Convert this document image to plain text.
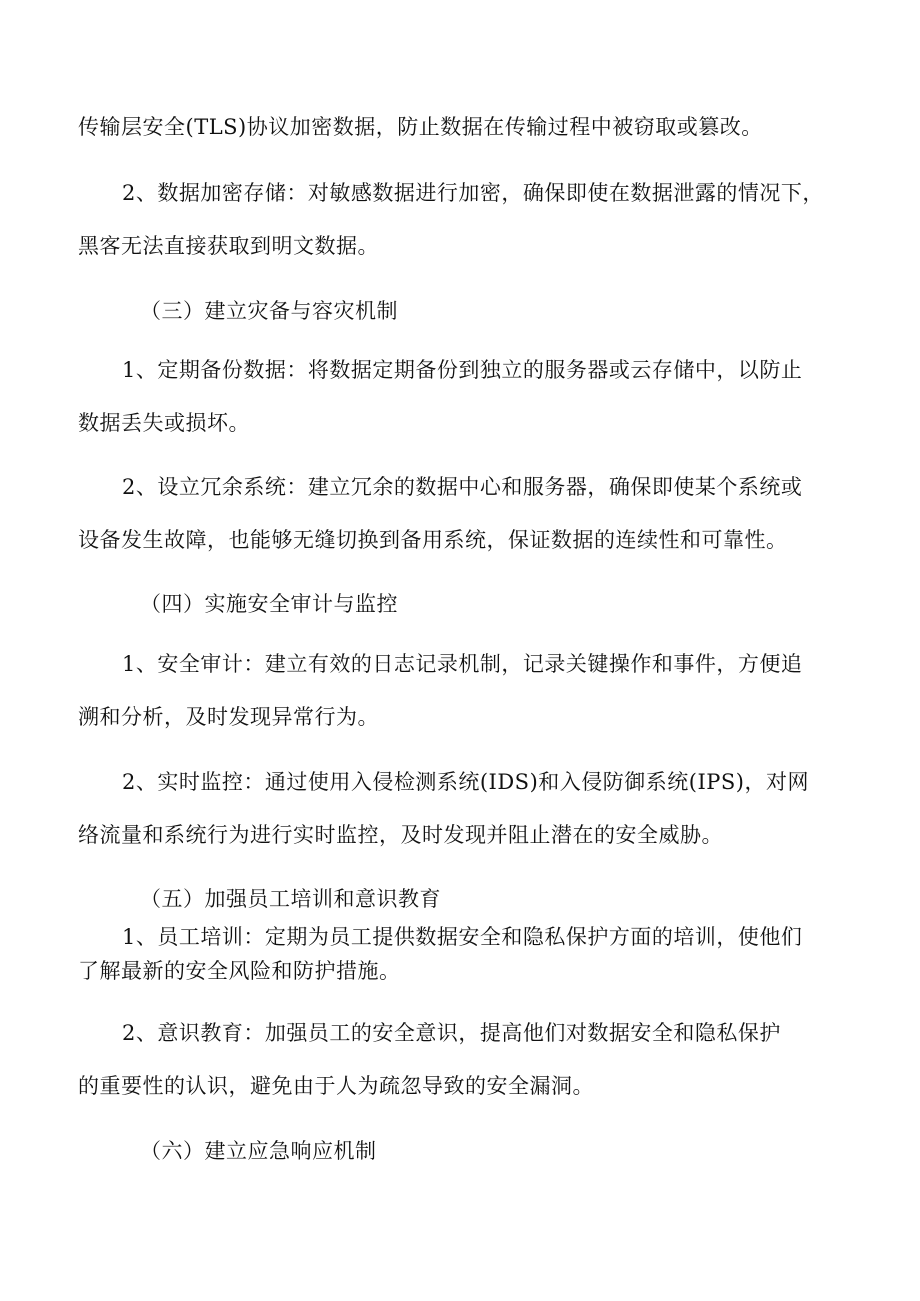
传输层安全(TLS)协议加密数据，防止数据在传输过程中被窃取或篡改。
2、数据加密存储：对敏感数据进行加密，确保即使在数据泄露的情况下，
黑客无法直接获取到明文数据。
（三）建立灾备与容灾机制
1、定期备份数据：将数据定期备份到独立的服务器或云存储中，以防止
数据丢失或损坏。
2、设立冗余系统：建立冗余的数据中心和服务器，确保即使某个系统或
设备发生故障，也能够无缝切换到备用系统，保证数据的连续性和可靠性。
（四）实施安全审计与监控
1、安全审计：建立有效的日志记录机制，记录关键操作和事件，方便追
溯和分析，及时发现异常行为。
2、实时监控：通过使用入侵检测系统(IDS)和入侵防御系统(IPS)，对网
络流量和系统行为进行实时监控，及时发现并阻止潜在的安全威胁。
（五）加强员工培训和意识教育
1、员工培训：定期为员工提供数据安全和隐私保护方面的培训，使他们
了解最新的安全风险和防护措施。
2、意识教育：加强员工的安全意识，提高他们对数据安全和隐私保护
的重要性的认识，避免由于人为疏忽导致的安全漏洞。
（六）建立应急响应机制
